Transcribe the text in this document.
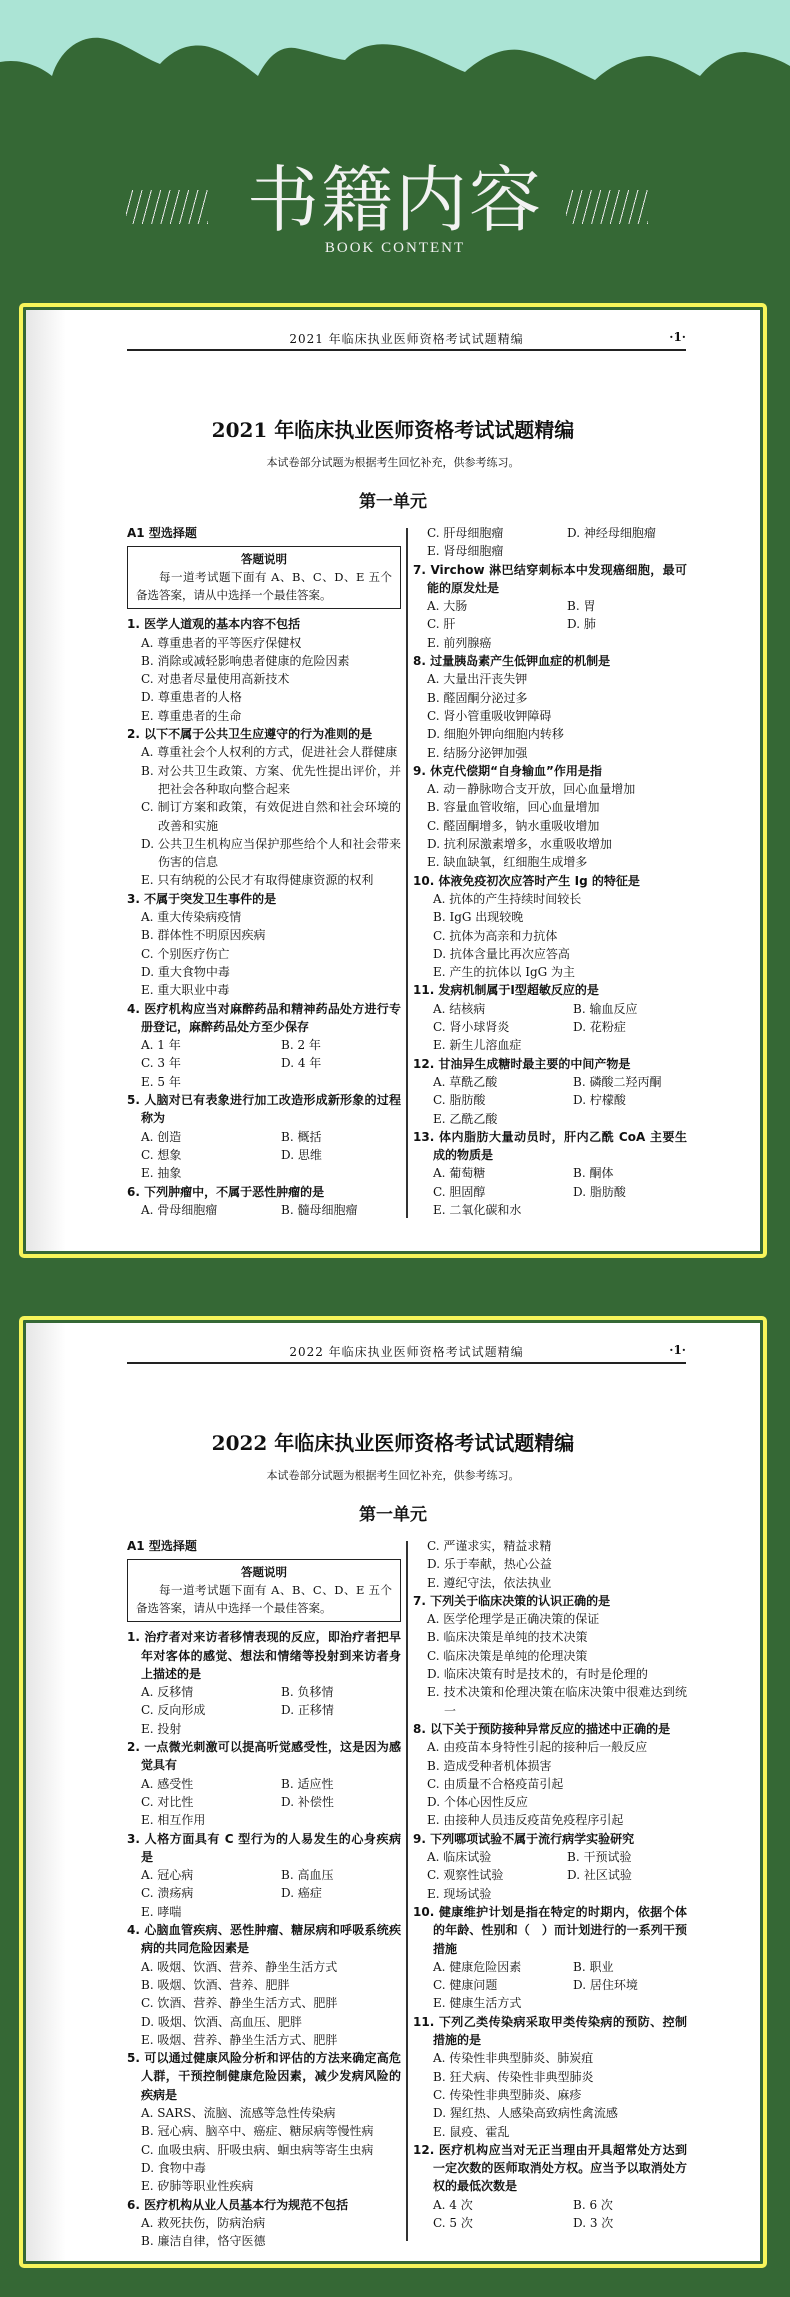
书籍内容
BOOK CONTENT
2021 年临床执业医师资格考试试题精编	·1·
2021 年临床执业医师资格考试试题精编
本试卷部分试题为根据考生回忆补充，供参考练习。
第一单元
A1 型选择题
答题说明
每一道考试题下面有 A、B、C、D、E 五个备选答案，请从中选择一个最佳答案。
1. 医学人道观的基本内容不包括
A. 尊重患者的平等医疗保健权
B. 消除或减轻影响患者健康的危险因素
C. 对患者尽量使用高新技术
D. 尊重患者的人格
E. 尊重患者的生命
2. 以下不属于公共卫生应遵守的行为准则的是
A. 尊重社会个人权利的方式，促进社会人群健康
B. 对公共卫生政策、方案、优先性提出评价，并把社会各种取向整合起来
C. 制订方案和政策，有效促进自然和社会环境的改善和实施
D. 公共卫生机构应当保护那些给个人和社会带来伤害的信息
E. 只有纳税的公民才有取得健康资源的权利
3. 不属于突发卫生事件的是
A. 重大传染病疫情
B. 群体性不明原因疾病
C. 个别医疗伤亡
D. 重大食物中毒
E. 重大职业中毒
4. 医疗机构应当对麻醉药品和精神药品处方进行专册登记，麻醉药品处方至少保存
A. 1 年	B. 2 年
C. 3 年	D. 4 年
E. 5 年
5. 人脑对已有表象进行加工改造形成新形象的过程称为
A. 创造	B. 概括
C. 想象	D. 思维
E. 抽象
6. 下列肿瘤中，不属于恶性肿瘤的是
A. 骨母细胞瘤	B. 髓母细胞瘤
C. 肝母细胞瘤	D. 神经母细胞瘤
E. 肾母细胞瘤
7. Virchow 淋巴结穿刺标本中发现癌细胞，最可能的原发灶是
A. 大肠	B. 胃
C. 肝	D. 肺
E. 前列腺癌
8. 过量胰岛素产生低钾血症的机制是
A. 大量出汗丧失钾
B. 醛固酮分泌过多
C. 肾小管重吸收钾障碍
D. 细胞外钾向细胞内转移
E. 结肠分泌钾加强
9. 休克代偿期“自身输血”作用是指
A. 动－静脉吻合支开放，回心血量增加
B. 容量血管收缩，回心血量增加
C. 醛固酮增多，钠水重吸收增加
D. 抗利尿激素增多，水重吸收增加
E. 缺血缺氧，红细胞生成增多
10. 体液免疫初次应答时产生 Ig 的特征是
A. 抗体的产生持续时间较长
B. IgG 出现较晚
C. 抗体为高亲和力抗体
D. 抗体含量比再次应答高
E. 产生的抗体以 IgG 为主
11. 发病机制属于Ⅰ型超敏反应的是
A. 结核病	B. 输血反应
C. 肾小球肾炎	D. 花粉症
E. 新生儿溶血症
12. 甘油异生成糖时最主要的中间产物是
A. 草酰乙酸	B. 磷酸二羟丙酮
C. 脂肪酸	D. 柠檬酸
E. 乙酰乙酸
13. 体内脂肪大量动员时，肝内乙酰 CoA 主要生成的物质是
A. 葡萄糖	B. 酮体
C. 胆固醇	D. 脂肪酸
E. 二氧化碳和水
2022 年临床执业医师资格考试试题精编	·1·
2022 年临床执业医师资格考试试题精编
本试卷部分试题为根据考生回忆补充，供参考练习。
第一单元
A1 型选择题
答题说明
每一道考试题下面有 A、B、C、D、E 五个备选答案，请从中选择一个最佳答案。
1. 治疗者对来访者移情表现的反应，即治疗者把早年对客体的感觉、想法和情绪等投射到来访者身上描述的是
A. 反移情	B. 负移情
C. 反向形成	D. 正移情
E. 投射
2. 一点微光刺激可以提高听觉感受性，这是因为感觉具有
A. 感受性	B. 适应性
C. 对比性	D. 补偿性
E. 相互作用
3. 人格方面具有 C 型行为的人易发生的心身疾病是
A. 冠心病	B. 高血压
C. 溃疡病	D. 癌症
E. 哮喘
4. 心脑血管疾病、恶性肿瘤、糖尿病和呼吸系统疾病的共同危险因素是
A. 吸烟、饮酒、营养、静坐生活方式
B. 吸烟、饮酒、营养、肥胖
C. 饮酒、营养、静坐生活方式、肥胖
D. 吸烟、饮酒、高血压、肥胖
E. 吸烟、营养、静坐生活方式、肥胖
5. 可以通过健康风险分析和评估的方法来确定高危人群，干预控制健康危险因素，减少发病风险的疾病是
A. SARS、流脑、流感等急性传染病
B. 冠心病、脑卒中、癌症、糖尿病等慢性病
C. 血吸虫病、肝吸虫病、蛔虫病等寄生虫病
D. 食物中毒
E. 矽肺等职业性疾病
6. 医疗机构从业人员基本行为规范不包括
A. 救死扶伤，防病治病
B. 廉洁自律，恪守医德
C. 严谨求实，精益求精
D. 乐于奉献，热心公益
E. 遵纪守法，依法执业
7. 下列关于临床决策的认识正确的是
A. 医学伦理学是正确决策的保证
B. 临床决策是单纯的技术决策
C. 临床决策是单纯的伦理决策
D. 临床决策有时是技术的，有时是伦理的
E. 技术决策和伦理决策在临床决策中很难达到统一
8. 以下关于预防接种异常反应的描述中正确的是
A. 由疫苗本身特性引起的接种后一般反应
B. 造成受种者机体损害
C. 由质量不合格疫苗引起
D. 个体心因性反应
E. 由接种人员违反疫苗免疫程序引起
9. 下列哪项试验不属于流行病学实验研究
A. 临床试验	B. 干预试验
C. 观察性试验	D. 社区试验
E. 现场试验
10. 健康维护计划是指在特定的时期内，依据个体的年龄、性别和（　）而计划进行的一系列干预措施
A. 健康危险因素	B. 职业
C. 健康问题	D. 居住环境
E. 健康生活方式
11. 下列乙类传染病采取甲类传染病的预防、控制措施的是
A. 传染性非典型肺炎、肺炭疽
B. 狂犬病、传染性非典型肺炎
C. 传染性非典型肺炎、麻疹
D. 猩红热、人感染高致病性禽流感
E. 鼠疫、霍乱
12. 医疗机构应当对无正当理由开具超常处方达到一定次数的医师取消处方权。应当予以取消处方权的最低次数是
A. 4 次	B. 6 次
C. 5 次	D. 3 次
